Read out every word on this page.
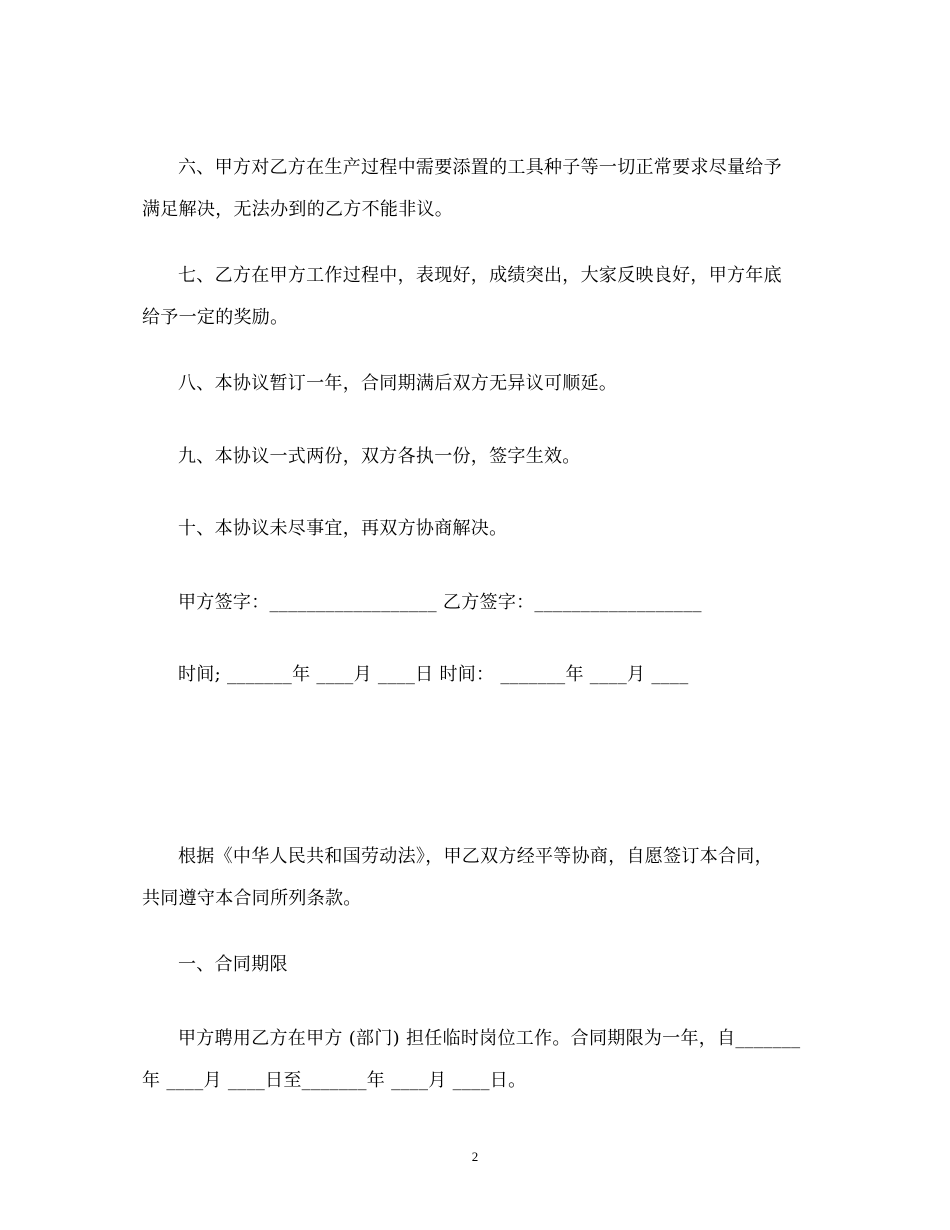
六、甲方对乙方在生产过程中需要添置的工具种子等一切正常要求尽量给予
满足解决，无法办到的乙方不能非议。
七、乙方在甲方工作过程中，表现好，成绩突出，大家反映良好，甲方年底
给予一定的奖励。
八、本协议暂订一年，合同期满后双方无异议可顺延。
九、本协议一式两份，双方各执一份，签字生效。
十、本协议未尽事宜，再双方协商解决。
甲方签字：__________________ 乙方签字：__________________
时间; _______年 ____月 ____日 时间： _______年 ____月 ____
根据《中华人民共和国劳动法》，甲乙双方经平等协商，自愿签订本合同，
共同遵守本合同所列条款。
一、合同期限
甲方聘用乙方在甲方 (部门) 担任临时岗位工作。合同期限为一年，自_______
年 ____月 ____日至_______年 ____月 ____日。
2
